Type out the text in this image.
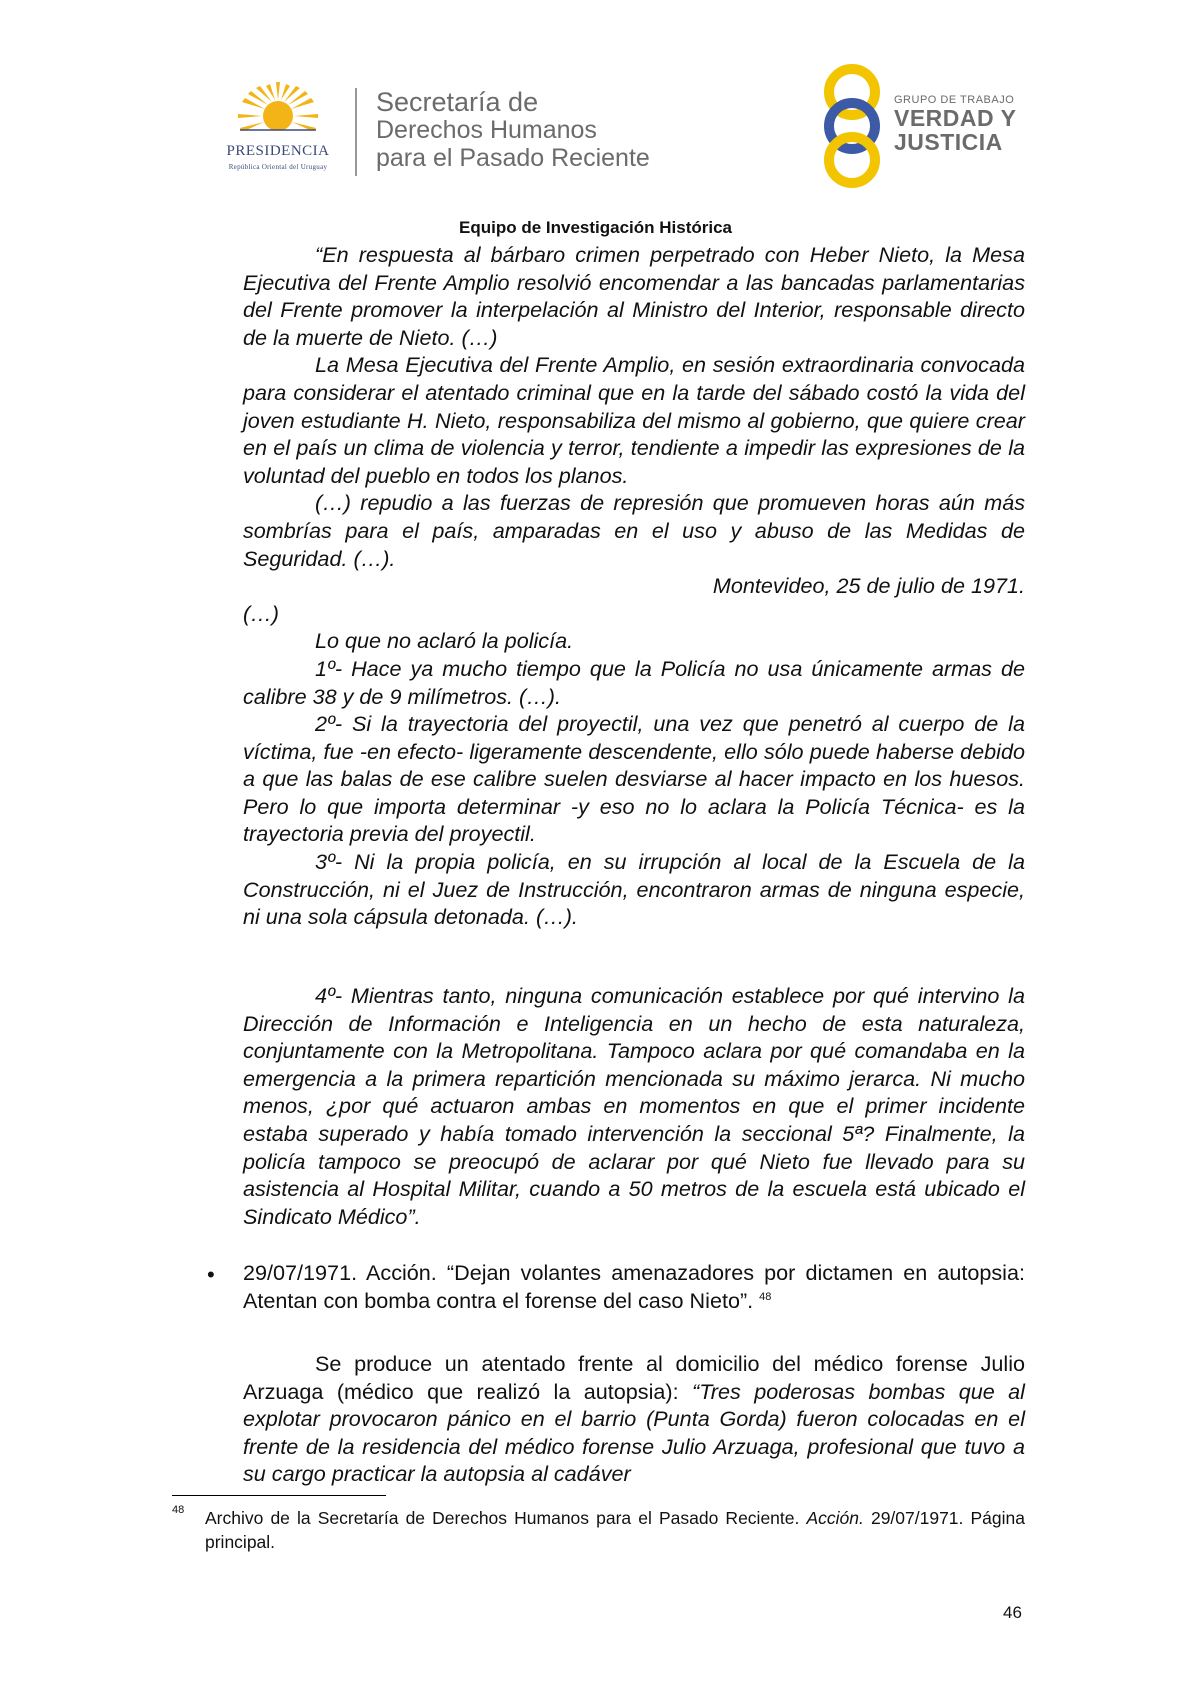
PRESIDENCIA
República Oriental del Uruguay
Secretaría de
Derechos Humanos
para el Pasado Reciente
GRUPO DE TRABAJO
VERDAD Y
JUSTICIA
Equipo de Investigación Histórica

“En respuesta al bárbaro crimen perpetrado con Heber Nieto, la Mesa Ejecutiva del Frente Amplio resolvió encomendar a las bancadas parlamentarias del Frente promover la interpelación al Ministro del Interior, responsable directo de la muerte de Nieto. (…)

La Mesa Ejecutiva del Frente Amplio, en sesión extraordinaria convocada para considerar el atentado criminal que en la tarde del sábado costó la vida del joven estudiante H. Nieto, responsabiliza del mismo al gobierno, que quiere crear en el país un clima de violencia y terror, tendiente a impedir las expresiones de la voluntad del pueblo en todos los planos.

(…) repudio a las fuerzas de represión que promueven horas aún más sombrías para el país, amparadas en el uso y abuso de las Medidas de Seguridad. (…).

Montevideo, 25 de julio de 1971.

(…)

Lo que no aclaró la policía.

1º- Hace ya mucho tiempo que la Policía no usa únicamente armas de calibre 38 y de 9 milímetros. (…).

2º- Si la trayectoria del proyectil, una vez que penetró al cuerpo de la víctima, fue -en efecto- ligeramente descendente, ello sólo puede haberse debido a que las balas de ese calibre suelen desviarse al hacer impacto en los huesos. Pero lo que importa determinar -y eso no lo aclara la Policía Técnica- es la trayectoria previa del proyectil.

3º- Ni la propia policía, en su irrupción al local de la Escuela de la Construcción, ni el Juez de Instrucción, encontraron armas de ninguna especie, ni una sola cápsula detonada. (…).

4º- Mientras tanto, ninguna comunicación establece por qué intervino la Dirección de Información e Inteligencia en un hecho de esta naturaleza, conjuntamente con la Metropolitana. Tampoco aclara por qué comandaba en la emergencia a la primera repartición mencionada su máximo jerarca. Ni mucho menos, ¿por qué actuaron ambas en momentos en que el primer incidente estaba superado y había tomado intervención la seccional 5ª? Finalmente, la policía tampoco se preocupó de aclarar por qué Nieto fue llevado para su asistencia al Hospital Militar, cuando a 50 metros de la escuela está ubicado el Sindicato Médico”.

• 29/07/1971. Acción. “Dejan volantes amenazadores por dictamen en autopsia: Atentan con bomba contra el forense del caso Nieto”. $^{48}$

Se produce un atentado frente al domicilio del médico forense Julio Arzuaga (médico que realizó la autopsia): “Tres poderosas bombas que al explotar provocaron pánico en el barrio (Punta Gorda) fueron colocadas en el frente de la residencia del médico forense Julio Arzuaga, profesional que tuvo a su cargo practicar la autopsia al cadáver

48 Archivo de la Secretaría de Derechos Humanos para el Pasado Reciente. Acción. 29/07/1971. Página principal.
46
